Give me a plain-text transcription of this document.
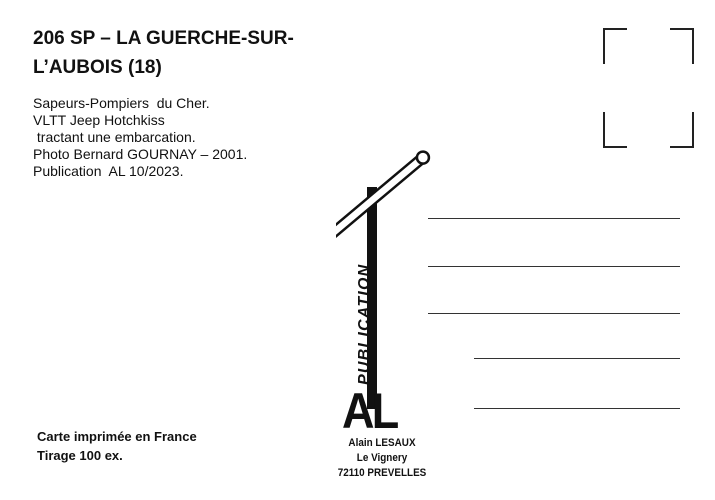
206 SP – LA GUERCHE-SUR-
L’AUBOIS (18)
Sapeurs-Pompiers  du Cher.
VLTT Jeep Hotchkiss
tractant une embarcation.
Photo Bernard GOURNAY – 2001.
Publication  AL 10/2023.
Carte imprimée en France
Tirage 100 ex.
PUBLICATION
AL
Alain LESAUX
Le Vignery
72110 PREVELLES
